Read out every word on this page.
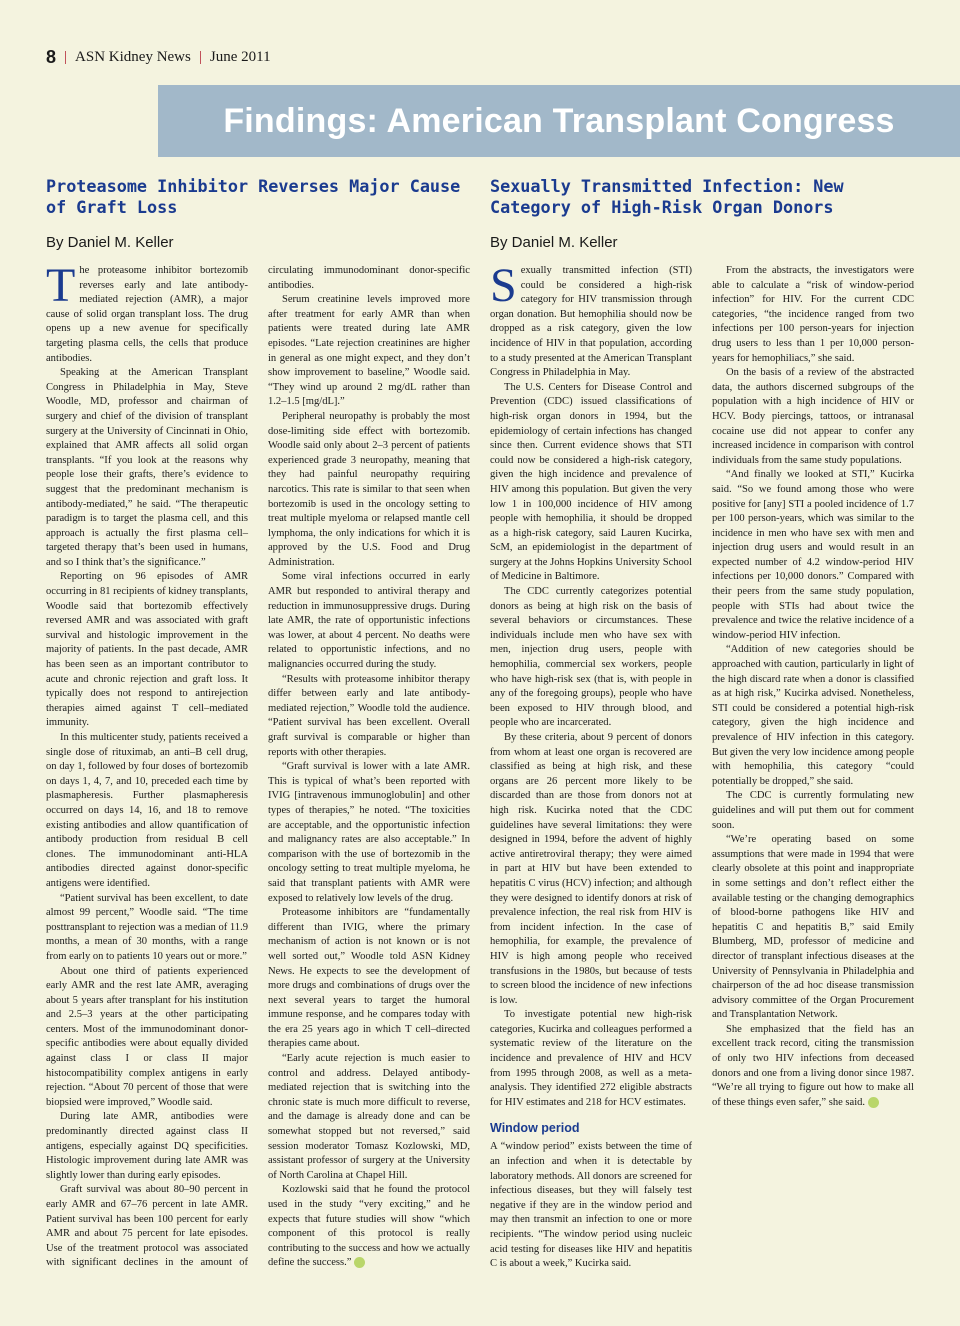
8 | ASN Kidney News | June 2011
Findings: American Transplant Congress
Proteasome Inhibitor Reverses Major Cause of Graft Loss
By Daniel M. Keller

The proteasome inhibitor bortezomib reverses early and late antibody-mediated rejection (AMR), a major cause of solid organ transplant loss. The drug opens up a new avenue for specifically targeting plasma cells, the cells that produce antibodies.

Speaking at the American Transplant Congress in Philadelphia in May, Steve Woodle, MD, professor and chairman of surgery and chief of the division of transplant surgery at the University of Cincinnati in Ohio, explained that AMR affects all solid organ transplants. “If you look at the reasons why people lose their grafts, there’s evidence to suggest that the predominant mechanism is antibody-mediated,” he said. “The therapeutic paradigm is to target the plasma cell, and this approach is actually the first plasma cell–targeted therapy that’s been used in humans, and so I think that’s the significance.”

Reporting on 96 episodes of AMR occurring in 81 recipients of kidney transplants, Woodle said that bortezomib effectively reversed AMR and was associated with graft survival and histologic improvement in the majority of patients. In the past decade, AMR has been seen as an important contributor to acute and chronic rejection and graft loss. It typically does not respond to antirejection therapies aimed against T cell–mediated immunity.

In this multicenter study, patients received a single dose of rituximab, an anti–B cell drug, on day 1, followed by four doses of bortezomib on days 1, 4, 7, and 10, preceded each time by plasmapheresis. Further plasmapheresis occurred on days 14, 16, and 18 to remove existing antibodies and allow quantification of antibody production from residual B cell clones. The immunodominant anti-HLA antibodies directed against donor-specific antigens were identified.

“Patient survival has been excellent, to date almost 99 percent,” Woodle said. “The time posttransplant to rejection was a median of 11.9 months, a mean of 30 months, with a range from early on to patients 10 years out or more.”

About one third of patients experienced early AMR and the rest late AMR, averaging about 5 years after transplant for his institution and 2.5–3 years at the other participating centers. Most of the immunodominant donor-specific antibodies were about equally divided against class I or class II major histocompatibility complex antigens in early rejection. “About 70 percent of those that were biopsied were improved,” Woodle said.

During late AMR, antibodies were predominantly directed against class II antigens, especially against DQ specificities. Histologic improvement during late AMR was slightly lower than during early episodes.

Graft survival was about 80–90 percent in early AMR and 67–76 percent in late AMR. Patient survival has been 100 percent for early AMR and about 75 percent for late episodes. Use of the treatment protocol was associated with significant declines in the amount of circulating immunodominant donor-specific antibodies.

Serum creatinine levels improved more after treatment for early AMR than when patients were treated during late AMR episodes. “Late rejection creatinines are higher in general as one might expect, and they don’t show improvement to baseline,” Woodle said. “They wind up around 2 mg/dL rather than 1.2–1.5 [mg/dL].”

Peripheral neuropathy is probably the most dose-limiting side effect with bortezomib. Woodle said only about 2–3 percent of patients experienced grade 3 neuropathy, meaning that they had painful neuropathy requiring narcotics. This rate is similar to that seen when bortezomib is used in the oncology setting to treat multiple myeloma or relapsed mantle cell lymphoma, the only indications for which it is approved by the U.S. Food and Drug Administration.

Some viral infections occurred in early AMR but responded to antiviral therapy and reduction in immunosuppressive drugs. During late AMR, the rate of opportunistic infections was lower, at about 4 percent. No deaths were related to opportunistic infections, and no malignancies occurred during the study.

“Results with proteasome inhibitor therapy differ between early and late antibody-mediated rejection,” Woodle told the audience. “Patient survival has been excellent. Overall graft survival is comparable or higher than reports with other therapies.

“Graft survival is lower with a late AMR. This is typical of what’s been reported with IVIG [intravenous immunoglobulin] and other types of therapies,” he noted. “The toxicities are acceptable, and the opportunistic infection and malignancy rates are also acceptable.” In comparison with the use of bortezomib in the oncology setting to treat multiple myeloma, he said that transplant patients with AMR were exposed to relatively low levels of the drug.

Proteasome inhibitors are “fundamentally different than IVIG, where the primary mechanism of action is not known or is not well sorted out,” Woodle told ASN Kidney News. He expects to see the development of more drugs and combinations of drugs over the next several years to target the humoral immune response, and he compares today with the era 25 years ago in which T cell–directed therapies came about.

“Early acute rejection is much easier to control and address. Delayed antibody-mediated rejection that is switching into the chronic state is much more difficult to reverse, and the damage is already done and can be somewhat stopped but not reversed,” said session moderator Tomasz Kozlowski, MD, assistant professor of surgery at the University of North Carolina at Chapel Hill.

Kozlowski said that he found the protocol used in the study “very exciting,” and he expects that future studies will show “which component of this protocol is really contributing to the success and how we actually define the success.”

Sexually Transmitted Infection: New Category of High-Risk Organ Donors
By Daniel M. Keller

Sexually transmitted infection (STI) could be considered a high-risk category for HIV transmission through organ donation. But hemophilia should now be dropped as a risk category, given the low incidence of HIV in that population, according to a study presented at the American Transplant Congress in Philadelphia in May.

The U.S. Centers for Disease Control and Prevention (CDC) issued classifications of high-risk organ donors in 1994, but the epidemiology of certain infections has changed since then. Current evidence shows that STI could now be considered a high-risk category, given the high incidence and prevalence of HIV among this population. But given the very low 1 in 100,000 incidence of HIV among people with hemophilia, it should be dropped as a high-risk category, said Lauren Kucirka, ScM, an epidemiologist in the department of surgery at the Johns Hopkins University School of Medicine in Baltimore.

The CDC currently categorizes potential donors as being at high risk on the basis of several behaviors or circumstances. These individuals include men who have sex with men, injection drug users, people with hemophilia, commercial sex workers, people who have high-risk sex (that is, with people in any of the foregoing groups), people who have been exposed to HIV through blood, and people who are incarcerated.

By these criteria, about 9 percent of donors from whom at least one organ is recovered are classified as being at high risk, and these organs are 26 percent more likely to be discarded than are those from donors not at high risk. Kucirka noted that the CDC guidelines have several limitations: they were designed in 1994, before the advent of highly active antiretroviral therapy; they were aimed in part at HIV but have been extended to hepatitis C virus (HCV) infection; and although they were designed to identify donors at risk of prevalence infection, the real risk from HIV is from incident infection. In the case of hemophilia, for example, the prevalence of HIV is high among people who received transfusions in the 1980s, but because of tests to screen blood the incidence of new infections is low.

To investigate potential new high-risk categories, Kucirka and colleagues performed a systematic review of the literature on the incidence and prevalence of HIV and HCV from 1995 through 2008, as well as a meta-analysis. They identified 272 eligible abstracts for HIV estimates and 218 for HCV estimates.

Window period

A “window period” exists between the time of an infection and when it is detectable by laboratory methods. All donors are screened for infectious diseases, but they will falsely test negative if they are in the window period and may then transmit an infection to one or more recipients. “The window period using nucleic acid testing for diseases like HIV and hepatitis C is about a week,” Kucirka said.

From the abstracts, the investigators were able to calculate a “risk of window-period infection” for HIV. For the current CDC categories, “the incidence ranged from two infections per 100 person-years for injection drug users to less than 1 per 10,000 person-years for hemophiliacs,” she said.

On the basis of a review of the abstracted data, the authors discerned subgroups of the population with a high incidence of HIV or HCV. Body piercings, tattoos, or intranasal cocaine use did not appear to confer any increased incidence in comparison with control individuals from the same study populations.

“And finally we looked at STI,” Kucirka said. “So we found among those who were positive for [any] STI a pooled incidence of 1.7 per 100 person-years, which was similar to the incidence in men who have sex with men and injection drug users and would result in an expected number of 4.2 window-period HIV infections per 10,000 donors.” Compared with their peers from the same study population, people with STIs had about twice the prevalence and twice the relative incidence of a window-period HIV infection.

“Addition of new categories should be approached with caution, particularly in light of the high discard rate when a donor is classified as at high risk,” Kucirka advised. Nonetheless, STI could be considered a potential high-risk category, given the high incidence and prevalence of HIV infection in this category. But given the very low incidence among people with hemophilia, this category “could potentially be dropped,” she said.

The CDC is currently formulating new guidelines and will put them out for comment soon.

“We’re operating based on some assumptions that were made in 1994 that were clearly obsolete at this point and inappropriate in some settings and don’t reflect either the available testing or the changing demographics of blood-borne pathogens like HIV and hepatitis C and hepatitis B,” said Emily Blumberg, MD, professor of medicine and director of transplant infectious diseases at the University of Pennsylvania in Philadelphia and chairperson of the ad hoc disease transmission advisory committee of the Organ Procurement and Transplantation Network.

She emphasized that the field has an excellent track record, citing the transmission of only two HIV infections from deceased donors and one from a living donor since 1987. “We’re all trying to figure out how to make all of these things even safer,” she said.
